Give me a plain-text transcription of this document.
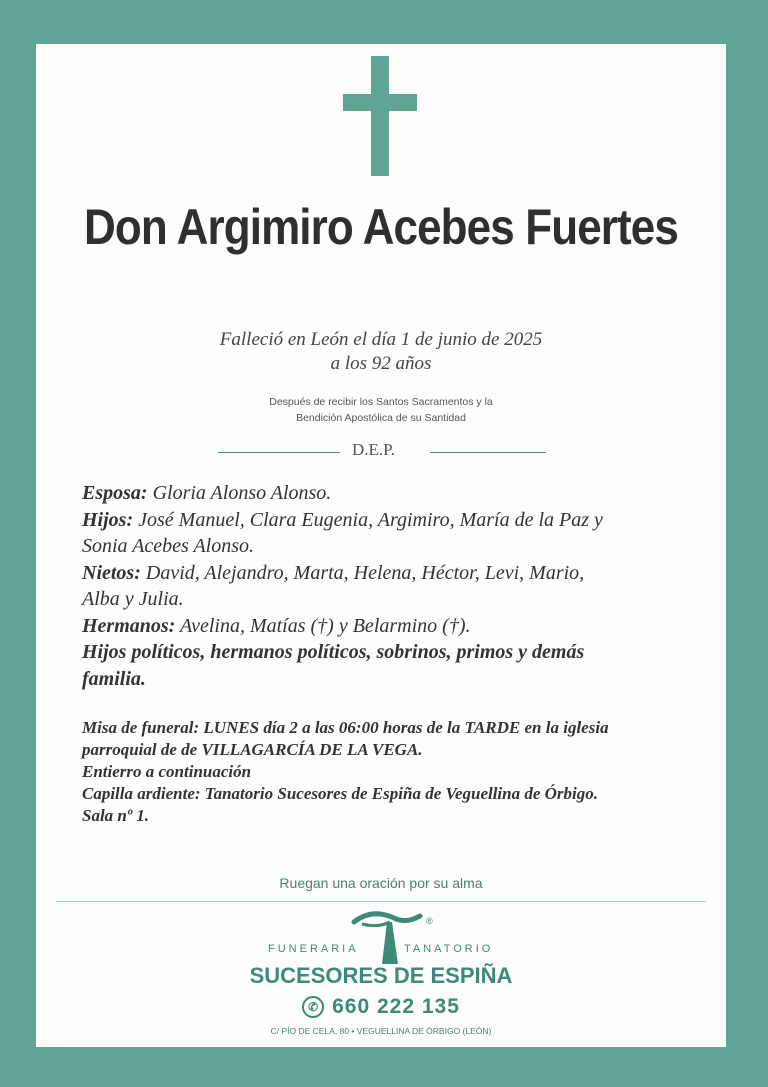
Don Argimiro Acebes Fuertes
Falleció en León el día 1 de junio de 2025
a los 92 años
Después de recibir los Santos Sacramentos y la
Bendición Apostólica de su Santidad
D.E.P.
Esposa: Gloria Alonso Alonso.
Hijos: José Manuel, Clara Eugenia, Argimiro, María de la Paz y
Sonia Acebes Alonso.
Nietos: David, Alejandro, Marta, Helena, Héctor, Levi, Mario,
Alba y Julia.
Hermanos: Avelina, Matías (†) y Belarmino (†).
Hijos políticos, hermanos políticos, sobrinos, primos y demás
familia.
Misa de funeral: LUNES día 2 a las 06:00 horas de la TARDE en la iglesia
parroquial de de VILLAGARCÍA DE LA VEGA.
Entierro a continuación
Capilla ardiente: Tanatorio Sucesores de Espiña de Veguellina de Órbigo.
Sala nº 1.
Ruegan una oración por su alma
FUNERARIA	TANATORIO
®
SUCESORES DE ESPIÑA
✆ 660 222 135
C/ PÍO DE CELA, 80 • VEGUELLINA DE ÓRBIGO (LEÓN)
